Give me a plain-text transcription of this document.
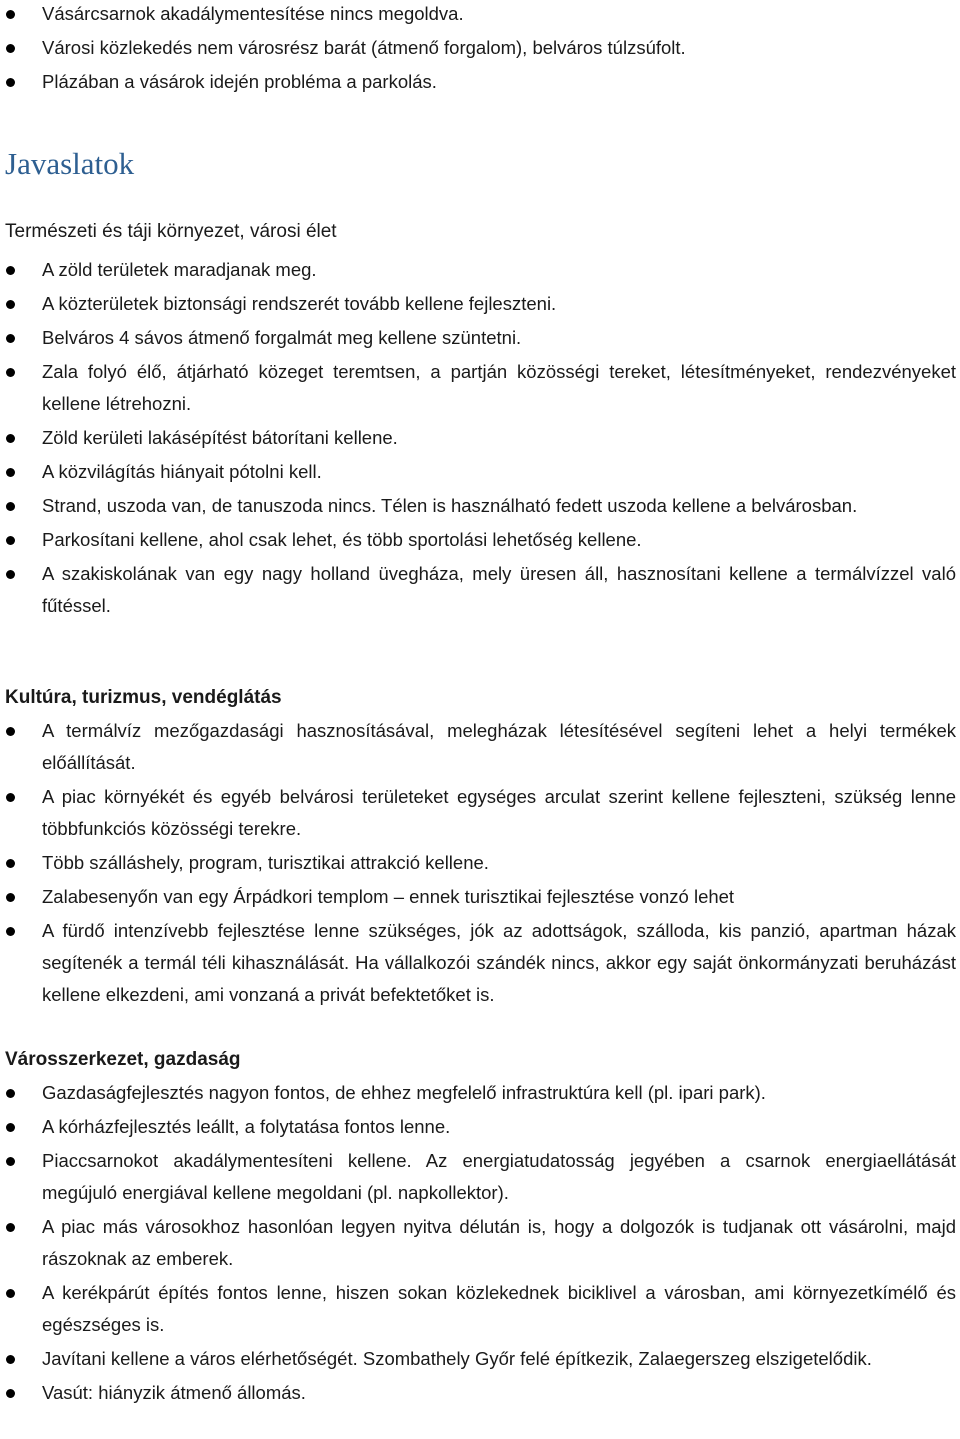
Vásárcsarnok akadálymentesítése nincs megoldva.
Városi közlekedés nem városrész barát (átmenő forgalom), belváros túlzsúfolt.
Plázában a vásárok idején probléma a parkolás.
Javaslatok
Természeti és táji környezet, városi élet
A zöld területek maradjanak meg.
A közterületek biztonsági rendszerét tovább kellene fejleszteni.
Belváros 4 sávos átmenő forgalmát meg kellene szüntetni.
Zala folyó élő, átjárható közeget teremtsen, a partján közösségi tereket, létesítményeket, rendezvényeket kellene létrehozni.
Zöld kerületi lakásépítést bátorítani kellene.
A közvilágítás hiányait pótolni kell.
Strand, uszoda van, de tanuszoda nincs. Télen is használható fedett uszoda kellene a belvárosban.
Parkosítani kellene, ahol csak lehet, és több sportolási lehetőség kellene.
A szakiskolának van egy nagy holland üvegháza, mely üresen áll, hasznosítani kellene a termálvízzel való fűtéssel.
Kultúra, turizmus, vendéglátás
A termálvíz mezőgazdasági hasznosításával, melegházak létesítésével segíteni lehet a helyi termékek előállítását.
A piac környékét és egyéb belvárosi területeket egységes arculat szerint kellene fejleszteni, szükség lenne többfunkciós közösségi terekre.
Több szálláshely, program, turisztikai attrakció kellene.
Zalabesenyőn van egy Árpádkori templom – ennek turisztikai fejlesztése vonzó lehet
A fürdő intenzívebb fejlesztése lenne szükséges, jók az adottságok, szálloda, kis panzió, apartman házak segítenék a termál téli kihasználását. Ha vállalkozói szándék nincs, akkor egy saját önkormányzati beruházást kellene elkezdeni, ami vonzaná a privát befektetőket is.
Városszerkezet, gazdaság
Gazdaságfejlesztés nagyon fontos, de ehhez megfelelő infrastruktúra kell (pl. ipari park).
A kórházfejlesztés leállt, a folytatása fontos lenne.
Piaccsarnokot akadálymentesíteni kellene. Az energiatudatosság jegyében a csarnok energiaellátását megújuló energiával kellene megoldani (pl. napkollektor).
A piac más városokhoz hasonlóan legyen nyitva délután is, hogy a dolgozók is tudjanak ott vásárolni, majd rászoknak az emberek.
A kerékpárút építés fontos lenne, hiszen sokan közlekednek biciklivel a városban, ami környezetkímélő és egészséges is.
Javítani kellene a város elérhetőségét. Szombathely Győr felé építkezik, Zalaegerszeg elszigetelődik.
Vasút: hiányzik átmenő állomás.
